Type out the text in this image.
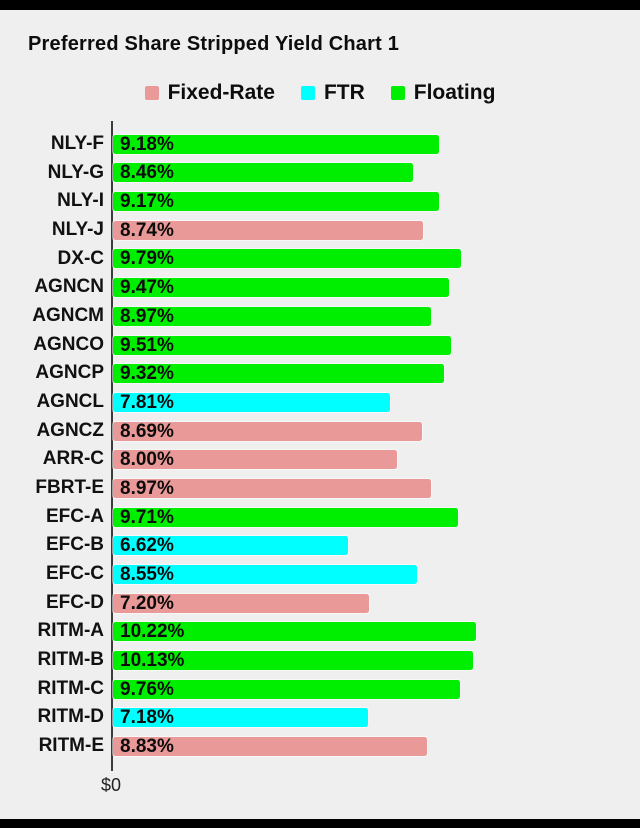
Preferred Share Stripped Yield Chart 1
Fixed-Rate FTR Floating
NLY-F 9.18%
NLY-G 8.46%
NLY-I 9.17%
NLY-J 8.74%
DX-C 9.79%
AGNCN 9.47%
AGNCM 8.97%
AGNCO 9.51%
AGNCP 9.32%
AGNCL 7.81%
AGNCZ 8.69%
ARR-C 8.00%
FBRT-E 8.97%
EFC-A 9.71%
EFC-B 6.62%
EFC-C 8.55%
EFC-D 7.20%
RITM-A 10.22%
RITM-B 10.13%
RITM-C 9.76%
RITM-D 7.18%
RITM-E 8.83%
$0
